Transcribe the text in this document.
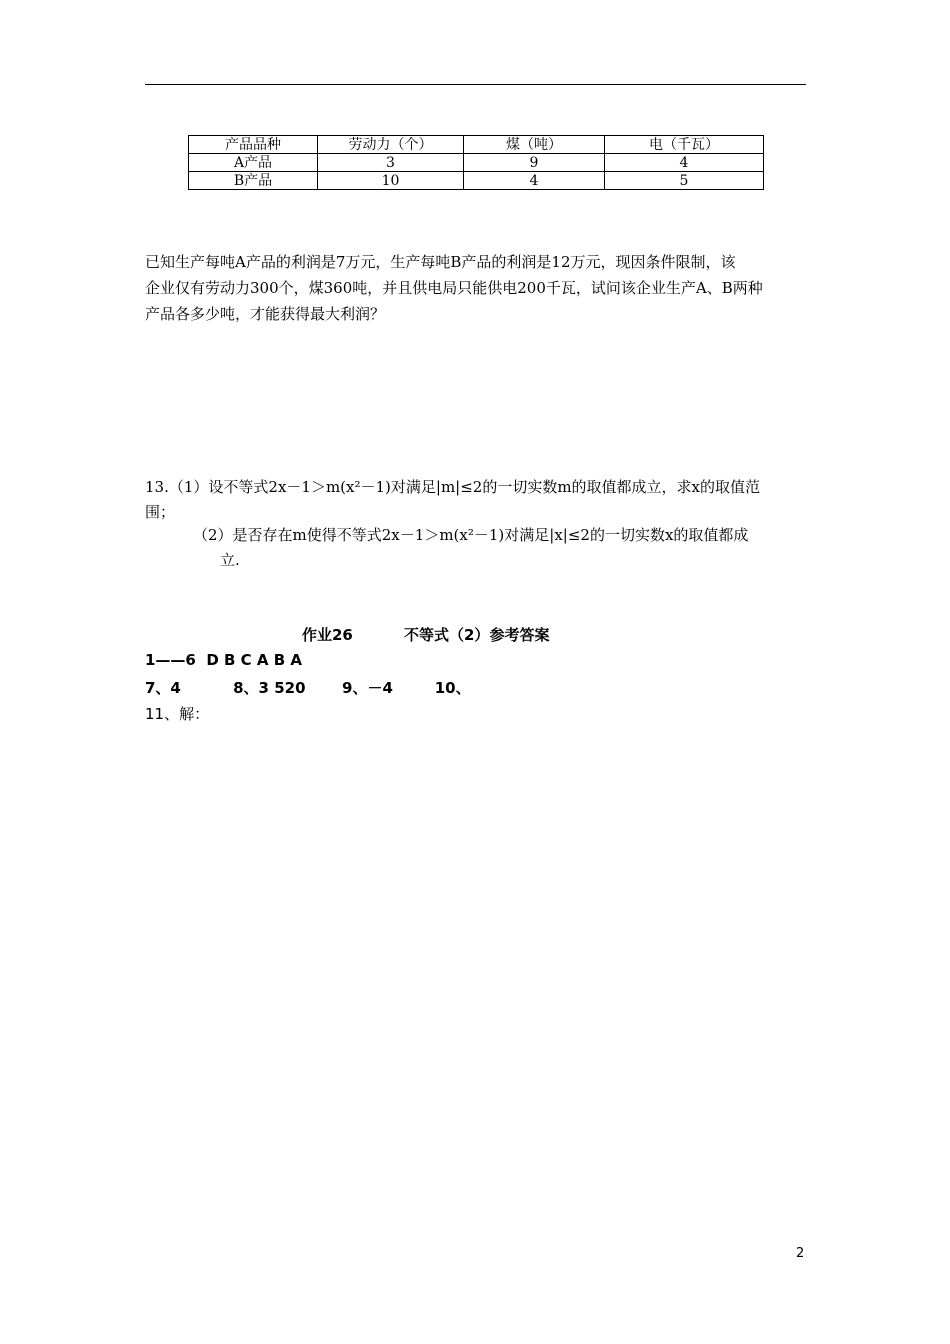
产品品种	劳动力（个）	煤（吨）	电（千瓦）
A产品	3	9	4
B产品	10	4	5

已知生产每吨A产品的利润是7万元，生产每吨B产品的利润是12万元，现因条件限制，该

企业仅有劳动力300个，煤360吨，并且供电局只能供电200千瓦，试问该企业生产A、B两种

产品各多少吨，才能获得最大利润？

13.（1）设不等式2x－1＞m(x²－1)对满足|m|≤2的一切实数m的取值都成立，求x的取值范

围；

（2）是否存在m使得不等式2x－1＞m(x²－1)对满足|x|≤2的一切实数x的取值都成

立.

作业26	不等式（2）参考答案
1——6  D B C A B A
7、4          8、3 520       9、－4        10、
11、解：
2
